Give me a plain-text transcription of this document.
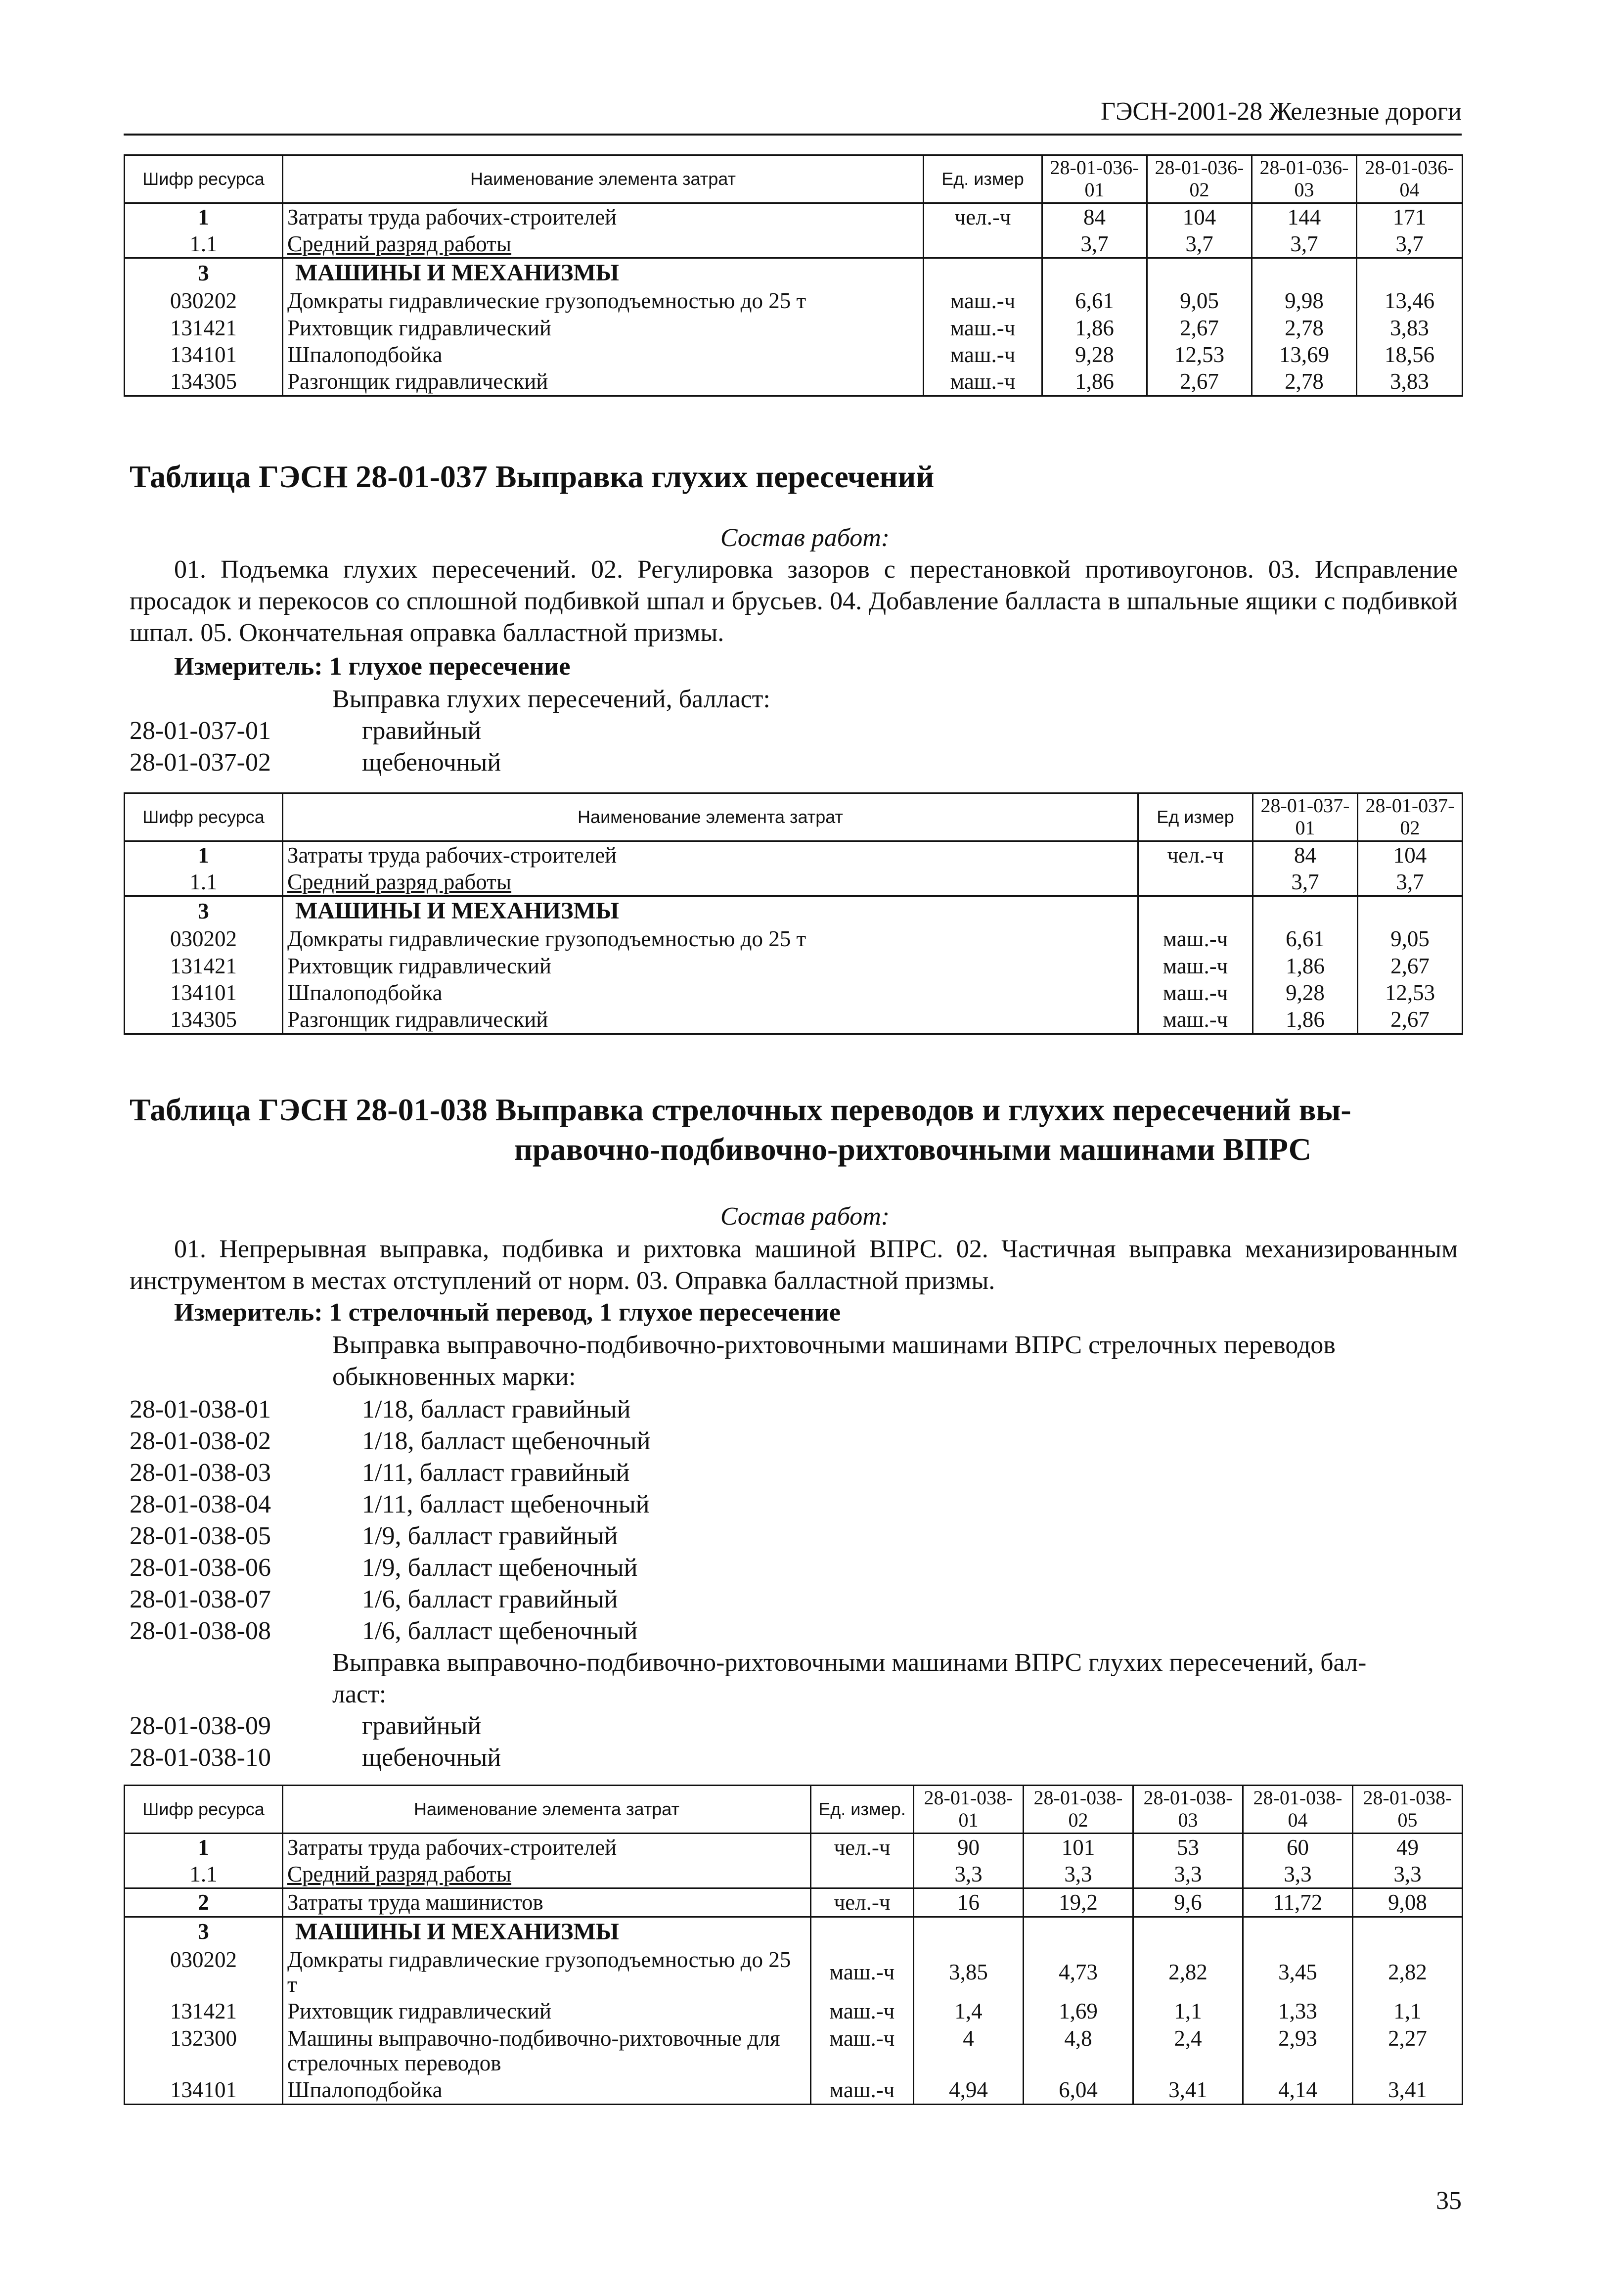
ГЭСН-2001-28 Железные дороги
Шифр ресурса	Наименование элемента затрат	Ед. измер	28-01-036-01	28-01-036-02	28-01-036-03	28-01-036-04
1	Затраты труда рабочих-строителей	чел.-ч	84	104	144	171
1.1	Средний разряд работы		3,7	3,7	3,7	3,7
3	МАШИНЫ И МЕХАНИЗМЫ					
030202	Домкраты гидравлические грузоподъемностью до 25 т	маш.-ч	6,61	9,05	9,98	13,46
131421	Рихтовщик гидравлический	маш.-ч	1,86	2,67	2,78	3,83
134101	Шпалоподбойка	маш.-ч	9,28	12,53	13,69	18,56
134305	Разгонщик гидравлический	маш.-ч	1,86	2,67	2,78	3,83
Таблица ГЭСН 28-01-037 Выправка глухих пересечений
Состав работ:
01. Подъемка глухих пересечений. 02. Регулировка зазоров с перестановкой противоугонов. 03. Исправление просадок и перекосов со сплошной подбивкой шпал и брусьев. 04. Добавление балласта в шпальные ящики с подбивкой шпал. 05. Окончательная оправка балластной призмы.
Измеритель: 1 глухое пересечение
Выправка глухих пересечений, балласт:
28-01-037-01	гравийный
28-01-037-02	щебеночный
Шифр ресурса	Наименование элемента затрат	Ед измер	28-01-037-01	28-01-037-02
1	Затраты труда рабочих-строителей	чел.-ч	84	104
1.1	Средний разряд работы		3,7	3,7
3	МАШИНЫ И МЕХАНИЗМЫ			
030202	Домкраты гидравлические грузоподъемностью до 25 т	маш.-ч	6,61	9,05
131421	Рихтовщик гидравлический	маш.-ч	1,86	2,67
134101	Шпалоподбойка	маш.-ч	9,28	12,53
134305	Разгонщик гидравлический	маш.-ч	1,86	2,67
Таблица ГЭСН 28-01-038 Выправка стрелочных переводов и глухих пересечений вы-
правочно-подбивочно-рихтовочными машинами ВПРС
Состав работ:
01. Непрерывная выправка, подбивка и рихтовка машиной ВПРС. 02. Частичная выправка механизированным инструментом в местах отступлений от норм. 03. Оправка балластной призмы.
Измеритель: 1 стрелочный перевод, 1 глухое пересечение
Выправка выправочно-подбивочно-рихтовочными машинами ВПРС стрелочных переводов
обыкновенных марки:
28-01-038-01	1/18, балласт гравийный
28-01-038-02	1/18, балласт щебеночный
28-01-038-03	1/11, балласт гравийный
28-01-038-04	1/11, балласт щебеночный
28-01-038-05	1/9, балласт гравийный
28-01-038-06	1/9, балласт щебеночный
28-01-038-07	1/6, балласт гравийный
28-01-038-08	1/6, балласт щебеночный
Выправка выправочно-подбивочно-рихтовочными машинами ВПРС глухих пересечений, бал-
ласт:
28-01-038-09	гравийный
28-01-038-10	щебеночный
Шифр ресурса	Наименование элемента затрат	Ед. измер.	28-01-038-01	28-01-038-02	28-01-038-03	28-01-038-04	28-01-038-05
1	Затраты труда рабочих-строителей	чел.-ч	90	101	53	60	49
1.1	Средний разряд работы		3,3	3,3	3,3	3,3	3,3
2	Затраты труда машинистов	чел.-ч	16	19,2	9,6	11,72	9,08
3	МАШИНЫ И МЕХАНИЗМЫ						
030202	Домкраты гидравлические грузоподъемностью до 25 т	маш.-ч	3,85	4,73	2,82	3,45	2,82
131421	Рихтовщик гидравлический	маш.-ч	1,4	1,69	1,1	1,33	1,1
132300	Машины выправочно-подбивочно-рихтовочные для стрелочных переводов	маш.-ч	4	4,8	2,4	2,93	2,27
134101	Шпалоподбойка	маш.-ч	4,94	6,04	3,41	4,14	3,41
35
